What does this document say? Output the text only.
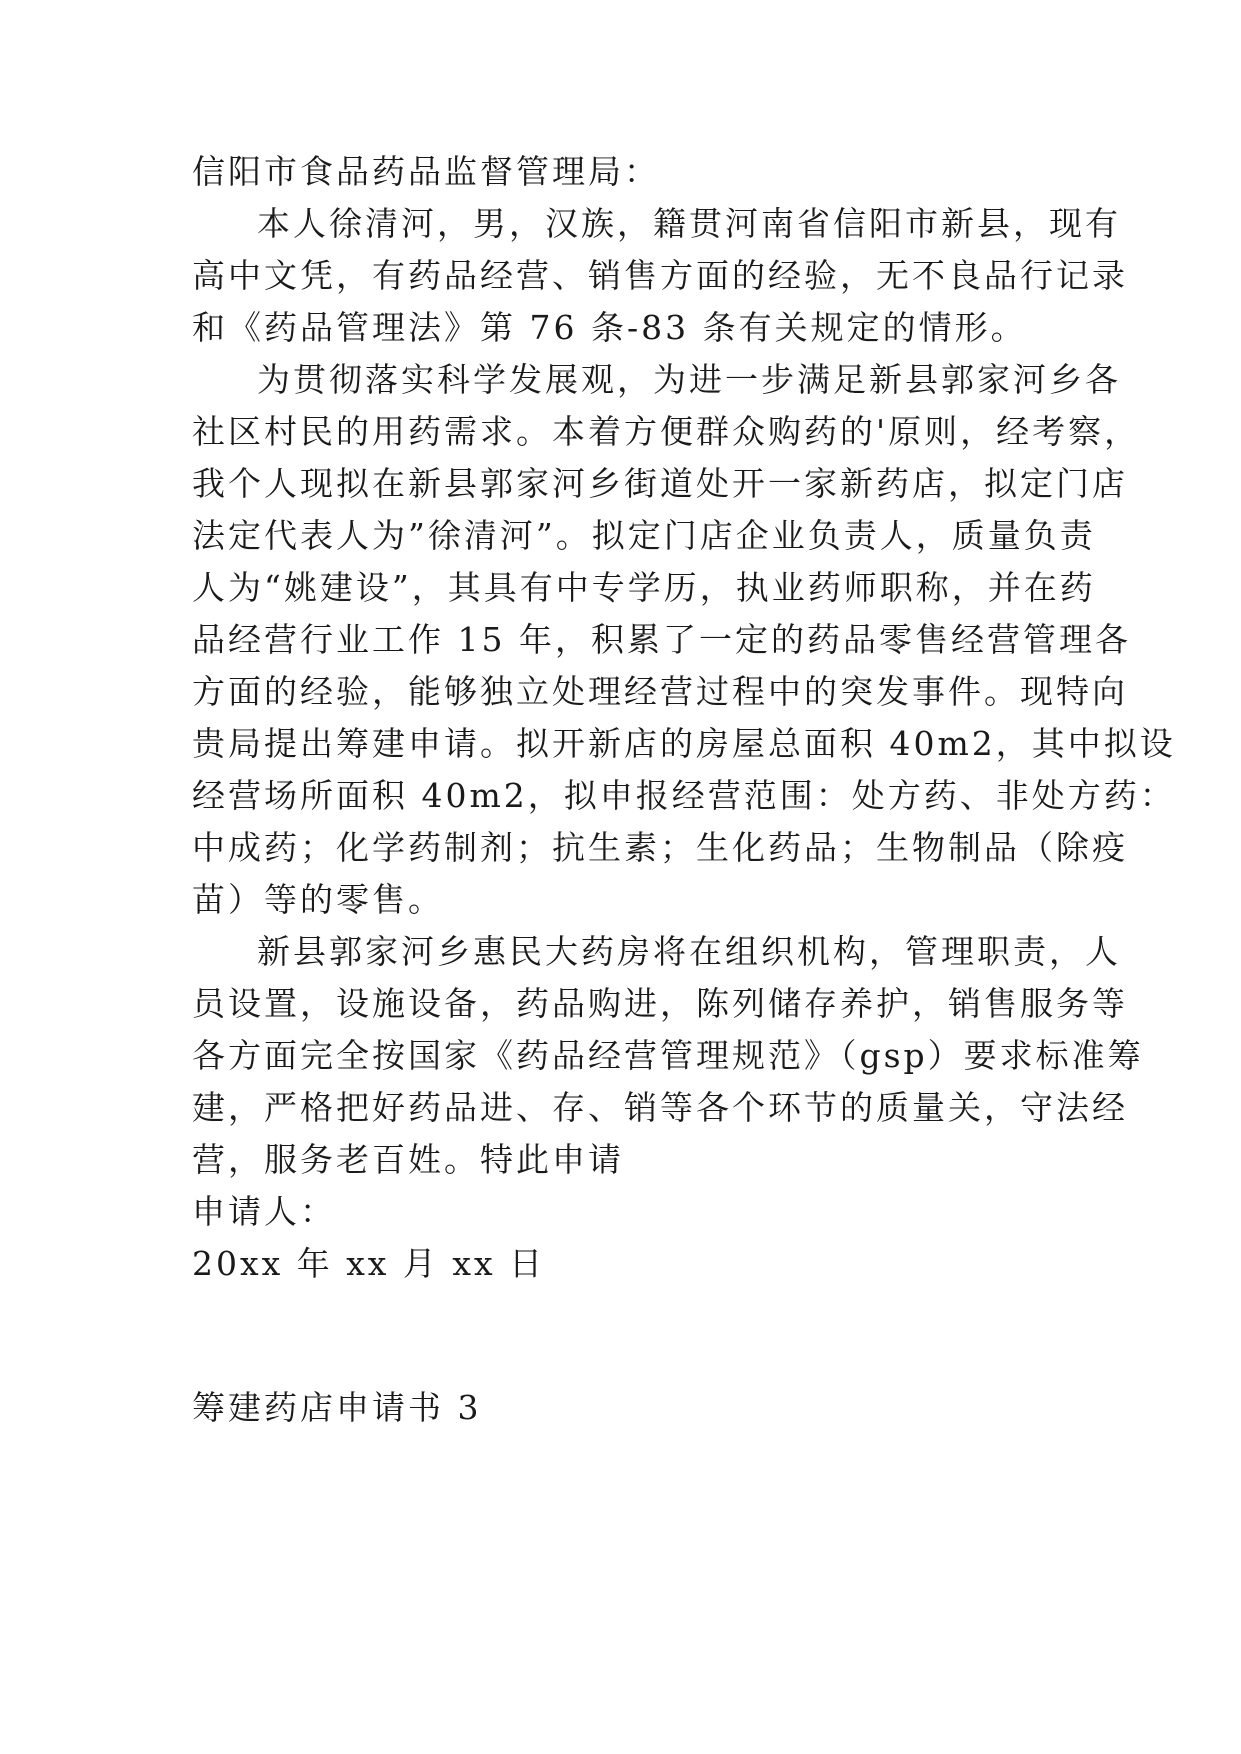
信阳市食品药品监督管理局：
本人徐清河，男，汉族，籍贯河南省信阳市新县，现有
高中文凭，有药品经营、销售方面的经验，无不良品行记录
和《药品管理法》第 76 条-83 条有关规定的情形。
为贯彻落实科学发展观，为进一步满足新县郭家河乡各
社区村民的用药需求。本着方便群众购药的'原则，经考察，
我个人现拟在新县郭家河乡街道处开一家新药店，拟定门店
法定代表人为”徐清河”。拟定门店企业负责人，质量负责
人为“姚建设”，其具有中专学历，执业药师职称，并在药
品经营行业工作 15 年，积累了一定的药品零售经营管理各
方面的经验，能够独立处理经营过程中的突发事件。现特向
贵局提出筹建申请。拟开新店的房屋总面积 40m2，其中拟设
经营场所面积 40m2，拟申报经营范围：处方药、非处方药：
中成药；化学药制剂；抗生素；生化药品；生物制品（除疫
苗）等的零售。
新县郭家河乡惠民大药房将在组织机构，管理职责，人
员设置，设施设备，药品购进，陈列储存养护，销售服务等
各方面完全按国家《药品经营管理规范》（gsp）要求标准筹
建，严格把好药品进、存、销等各个环节的质量关，守法经
营，服务老百姓。特此申请
申请人：
20xx 年 xx 月 xx 日
筹建药店申请书 3
